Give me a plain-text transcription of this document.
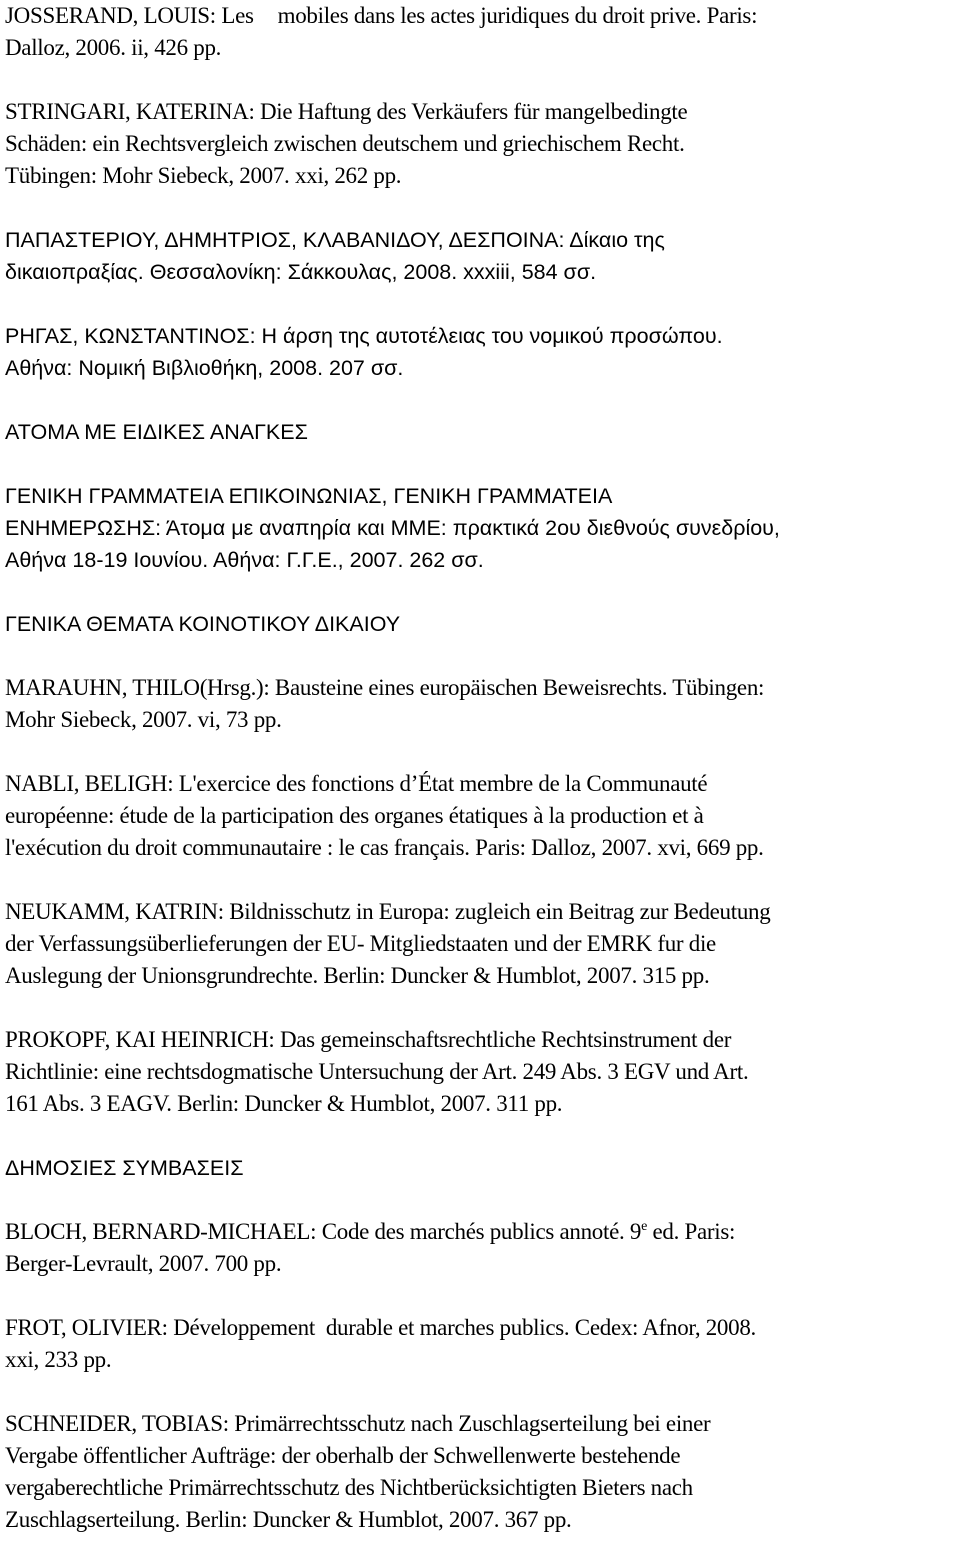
JOSSERAND, LOUIS: Les mobiles dans les actes juridiques du droit prive. Paris:
Dalloz, 2006. ii, 426 pp.

STRINGARI, KATERINA: Die Haftung des Verkäufers für mangelbedingte
Schäden: ein Rechtsvergleich zwischen deutschem und griechischem Recht.
Tübingen: Mohr Siebeck, 2007. xxi, 262 pp.

ΠΑΠΑΣΤΕΡΙΟΥ, ΔΗΜΗΤΡΙΟΣ, ΚΛΑΒΑΝΙΔΟΥ, ΔΕΣΠΟΙΝΑ: Δίκαιο της
δικαιοπραξίας. Θεσσαλονίκη: Σάκκουλας, 2008. xxxiii, 584 σσ.

ΡΗΓΑΣ, ΚΩΝΣΤΑΝΤΙΝΟΣ: Η άρση της αυτοτέλειας του νομικού προσώπου.
Αθήνα: Νομική Βιβλιοθήκη, 2008. 207 σσ.

ΑΤΟΜΑ ΜΕ ΕΙΔΙΚΕΣ ΑΝΑΓΚΕΣ

ΓΕΝΙΚΗ ΓΡΑΜΜΑΤΕΙΑ ΕΠΙΚΟΙΝΩΝΙΑΣ, ΓΕΝΙΚΗ ΓΡΑΜΜΑΤΕΙΑ
ΕΝΗΜΕΡΩΣΗΣ: Άτομα με αναπηρία και ΜΜΕ: πρακτικά 2ου διεθνούς συνεδρίου,
Αθήνα 18-19 Ιουνίου. Αθήνα: Γ.Γ.Ε., 2007. 262 σσ.

ΓΕΝΙΚΑ ΘΕΜΑΤΑ ΚΟΙΝΟΤΙΚΟΥ ΔΙΚΑΙΟΥ

MARAUHN, THILO(Hrsg.): Bausteine eines europäischen Beweisrechts. Tübingen:
Mohr Siebeck, 2007. vi, 73 pp.

NABLI, BELIGH: L'exercice des fonctions d’État membre de la Communauté
européenne: étude de la participation des organes étatiques à la production et à
l'exécution du droit communautaire : le cas français. Paris: Dalloz, 2007. xvi, 669 pp.

NEUKAMM, KATRIN: Bildnisschutz in Europa: zugleich ein Beitrag zur Bedeutung
der Verfassungsüberlieferungen der EU- Mitgliedstaaten und der EMRK fur die
Auslegung der Unionsgrundrechte. Berlin: Duncker & Humblot, 2007. 315 pp.

PROKOPF, KAI HEINRICH: Das gemeinschaftsrechtliche Rechtsinstrument der
Richtlinie: eine rechtsdogmatische Untersuchung der Art. 249 Abs. 3 EGV und Art.
161 Abs. 3 EAGV. Berlin: Duncker & Humblot, 2007. 311 pp.

ΔΗΜΟΣΙΕΣ ΣΥΜΒΑΣΕΙΣ

BLOCH, BERNARD-MICHAEL: Code des marchés publics annoté. 9e ed. Paris:
Berger-Levrault, 2007. 700 pp.

FROT, OLIVIER: Développement  durable et marches publics. Cedex: Afnor, 2008.
xxi, 233 pp.

SCHNEIDER, TOBIAS: Primärrechtsschutz nach Zuschlagserteilung bei einer
Vergabe öffentlicher Aufträge: der oberhalb der Schwellenwerte bestehende
vergaberechtliche Primärrechtsschutz des Nichtberücksichtigten Bieters nach
Zuschlagserteilung. Berlin: Duncker & Humblot, 2007. 367 pp.
